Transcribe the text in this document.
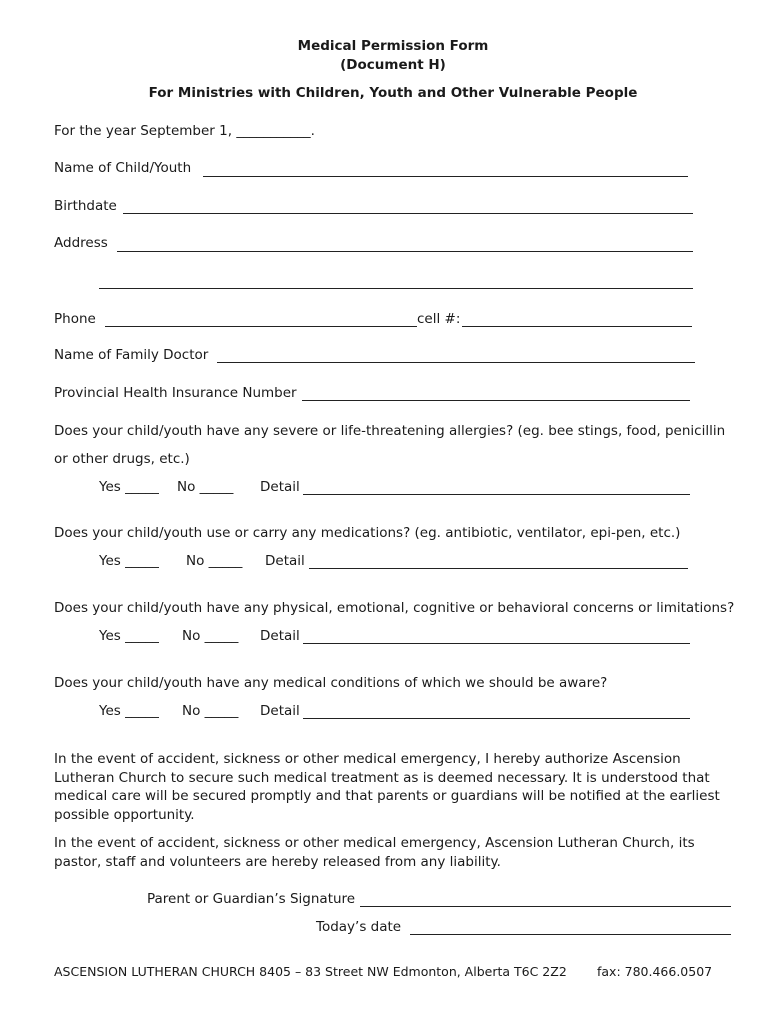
Medical Permission Form
(Document H)
For Ministries with Children, Youth and Other Vulnerable People
For the year September 1, ___________.
Name of Child/Youth
Birthdate
Address
Phone	cell #:
Name of Family Doctor
Provincial Health Insurance Number
Does your child/youth have any severe or life-threatening allergies? (eg. bee stings, food, penicillin
or other drugs, etc.)
Yes _____ No _____ Detail
Does your child/youth use or carry any medications? (eg. antibiotic, ventilator, epi-pen, etc.)
Yes _____ No _____ Detail
Does your child/youth have any physical, emotional, cognitive or behavioral concerns or limitations?
Yes _____ No _____ Detail
Does your child/youth have any medical conditions of which we should be aware?
Yes _____ No _____ Detail
In the event of accident, sickness or other medical emergency, I hereby authorize Ascension
Lutheran Church to secure such medical treatment as is deemed necessary. It is understood that
medical care will be secured promptly and that parents or guardians will be notified at the earliest
possible opportunity.
In the event of accident, sickness or other medical emergency, Ascension Lutheran Church, its
pastor, staff and volunteers are hereby released from any liability.
Parent or Guardian’s Signature
Today’s date
ASCENSION LUTHERAN CHURCH 8405 – 83 Street NW Edmonton, Alberta T6C 2Z2 fax: 780.466.0507
